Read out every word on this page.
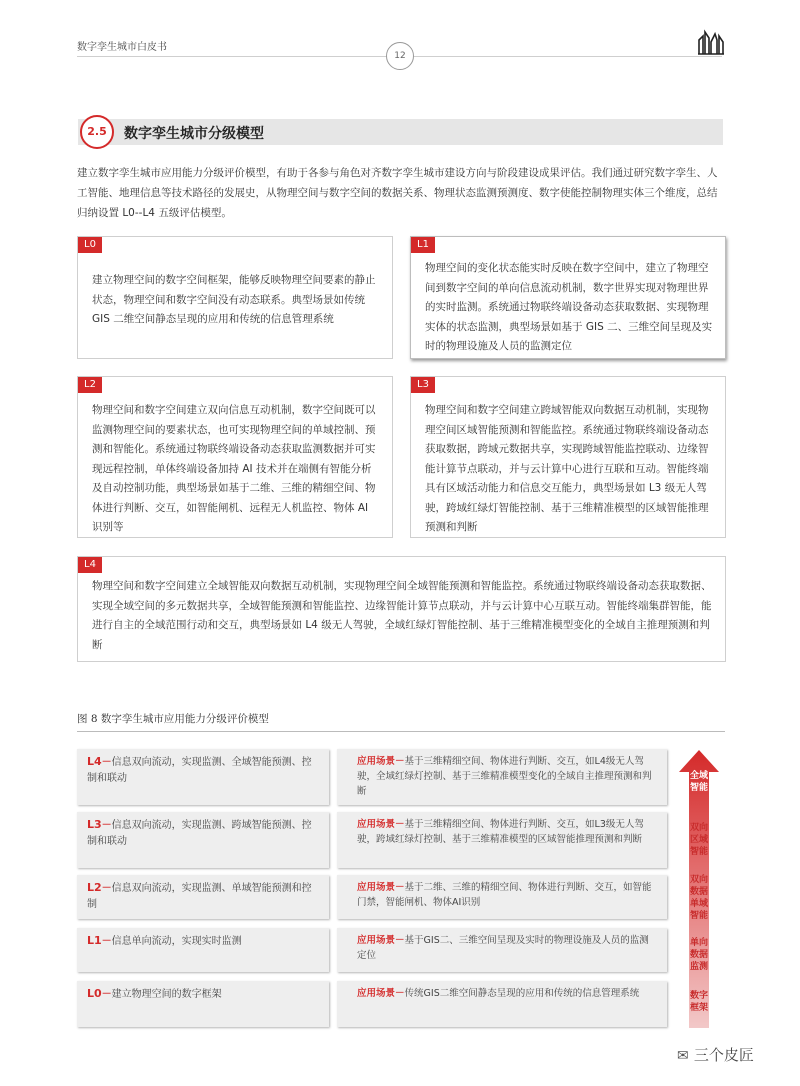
数字孪生城市白皮书
12
2.5	数字孪生城市分级模型
建立数字孪生城市应用能力分级评价模型，有助于各参与角色对齐数字孪生城市建设方向与阶段建设成果评估。我们通过研究数字孪生、人工智能、地理信息等技术路径的发展史，从物理空间与数字空间的数据关系、物理状态监测预测度、数字使能控制物理实体三个维度，总结归纳设置 L0--L4 五级评估模型。
L0
建立物理空间的数字空间框架，能够反映物理空间要素的静止状态，物理空间和数字空间没有动态联系。典型场景如传统 GIS 二维空间静态呈现的应用和传统的信息管理系统
L1
物理空间的变化状态能实时反映在数字空间中，建立了物理空间到数字空间的单向信息流动机制，数字世界实现对物理世界的实时监测。系统通过物联终端设备动态获取数据、实现物理实体的状态监测，典型场景如基于 GIS 二、三维空间呈现及实时的物理设施及人员的监测定位
L2
物理空间和数字空间建立双向信息互动机制，数字空间既可以监测物理空间的要素状态，也可实现物理空间的单域控制、预测和智能化。系统通过物联终端设备动态获取监测数据并可实现远程控制，单体终端设备加持 AI 技术并在端侧有智能分析及自动控制功能，典型场景如基于二维、三维的精细空间、物体进行判断、交互，如智能闸机、远程无人机监控、物体 AI 识别等
L3
物理空间和数字空间建立跨域智能双向数据互动机制，实现物理空间区域智能预测和智能监控。系统通过物联终端设备动态获取数据，跨域元数据共享，实现跨域智能监控联动、边缘智能计算节点联动，并与云计算中心进行互联和互动。智能终端具有区域活动能力和信息交互能力，典型场景如 L3 级无人驾驶，跨域红绿灯智能控制、基于三维精准模型的区域智能推理预测和判断
L4
物理空间和数字空间建立全域智能双向数据互动机制，实现物理空间全域智能预测和智能监控。系统通过物联终端设备动态获取数据、实现全域空间的多元数据共享，全域智能预测和智能监控、边缘智能计算节点联动，并与云计算中心互联互动。智能终端集群智能，能进行自主的全域范围行动和交互，典型场景如 L4 级无人驾驶，全域红绿灯智能控制、基于三维精准模型变化的全域自主推理预测和判断
图 8 数字孪生城市应用能力分级评价模型
L4－信息双向流动，实现监测、全域智能预测、控制和联动
应用场景－基于三维精细空间、物体进行判断、交互，如L4级无人驾驶，全域红绿灯控制、基于三维精准模型变化的全域自主推理预测和判断
L3－信息双向流动，实现监测、跨域智能预测、控制和联动
应用场景－基于三维精细空间、物体进行判断、交互，如L3级无人驾驶，跨域红绿灯控制、基于三维精准模型的区域智能推理预测和判断
L2－信息双向流动，实现监测、单域智能预测和控制
应用场景－基于二维、三维的精细空间、物体进行判断、交互，如智能门禁，智能闸机、物体AI识别
L1－信息单向流动，实现实时监测	应用场景－基于GIS二、三维空间呈现及实时的物理设施及人员的监测定位
L0－建立物理空间的数字框架	应用场景－传统GIS二维空间静态呈现的应用和传统的信息管理系统
全域智能
双向区域智能
双向数据单域智能
单向数据监测
数字框架
✉ 三个皮匠
